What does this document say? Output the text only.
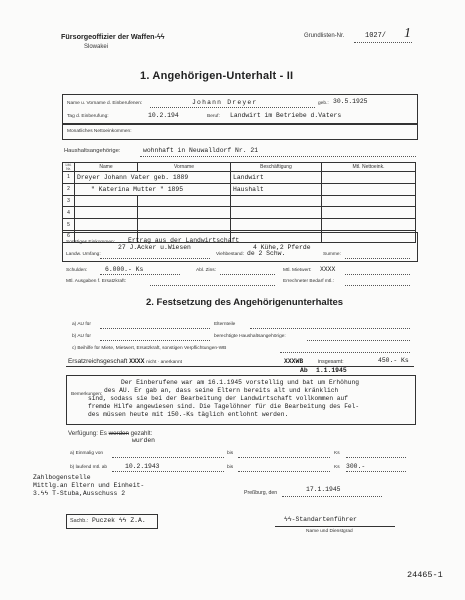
Fürsorgeoffizier der Waffen-ϟϟ
Slowakei
Grundlisten-Nr.	1027/ 1
1. Angehörigen-Unterhalt - II
Name u. Vorname d. Einberufenen:	Johann Dreyer	geb.: 30.5.1925
Tag d. Einberufung:	10.2.194	Beruf: Landwirt im Betriebe d.Vaters
Monatliches Nettoeinkommen:
Haushaltsangehörige:	wohnhaft in Neuwalldorf Nr. 21
Lfd. Nr.	Name	Vorname	Beschäftigung	Mtl. Nettoeink.
1	Dreyer Johann Vater geb. 1889		Landwirt	
2	" Katerina Mutter " 1895		Haushalt	
3				
4				
5				
6				
Sonstiges Einkommen: Ertrag aus der Landwirtschaft
27 J.Acker u.Wiesen	4 Kühe,2 Pferde
Landw. Umfang:	Viehbestand: de 2 Schw.	Summe:
Schulden:	6.000.- Ks	Abl. Zins:	Mtl. Mietwert: XXXX
Mtl. Ausgaben f. Ersatzkraft:	Errechneter Bedarf mtl.:
2. Festsetzung des Angehörigenunterhaltes
a) AU für	Elternteile
b) AU für	berechtigte Haushaltsangehörige:
c) Beihilfe für Miete, Mietwert, Ersatzkraft, sonstigen Verpflichtungen-WB
Ersatzreichsgeschaft XXXX nicht · anerkannt	XXXWB	insgesamt:	450.- Ks
Ab 1.1.1945
Bemerkungen:
Der Einberufene war am 16.1.1945 vorstellig und bat um Erhöhung
des AU. Er gab an, dass seine Eltern bereits alt und kränklich
sind, sodass sie bei der Bearbeitung der Landwirtschaft vollkommen auf
fremde Hilfe angewiesen sind. Die Tagelöhner für die Bearbeitung des Fel-
des müssen heute mit 150.-Ks täglich entlohnt werden.
Verfügung: Es werden gezahlt:
wurden
a) Einmalig von	bis	Ks
b) laufend mtl. ab	10.2.1943	bis	Ks 300.-
Zahlbogenstelle
Mittlg.an Eltern und Einheit-
3.ϟϟ T-Stuba,Ausschuss 2	Preßburg, den	17.1.1945
Sachb.: Puczek ϟϟ Z.A.	ϟϟ-Standartenführer
Name und Dienstgrad
24465-1
